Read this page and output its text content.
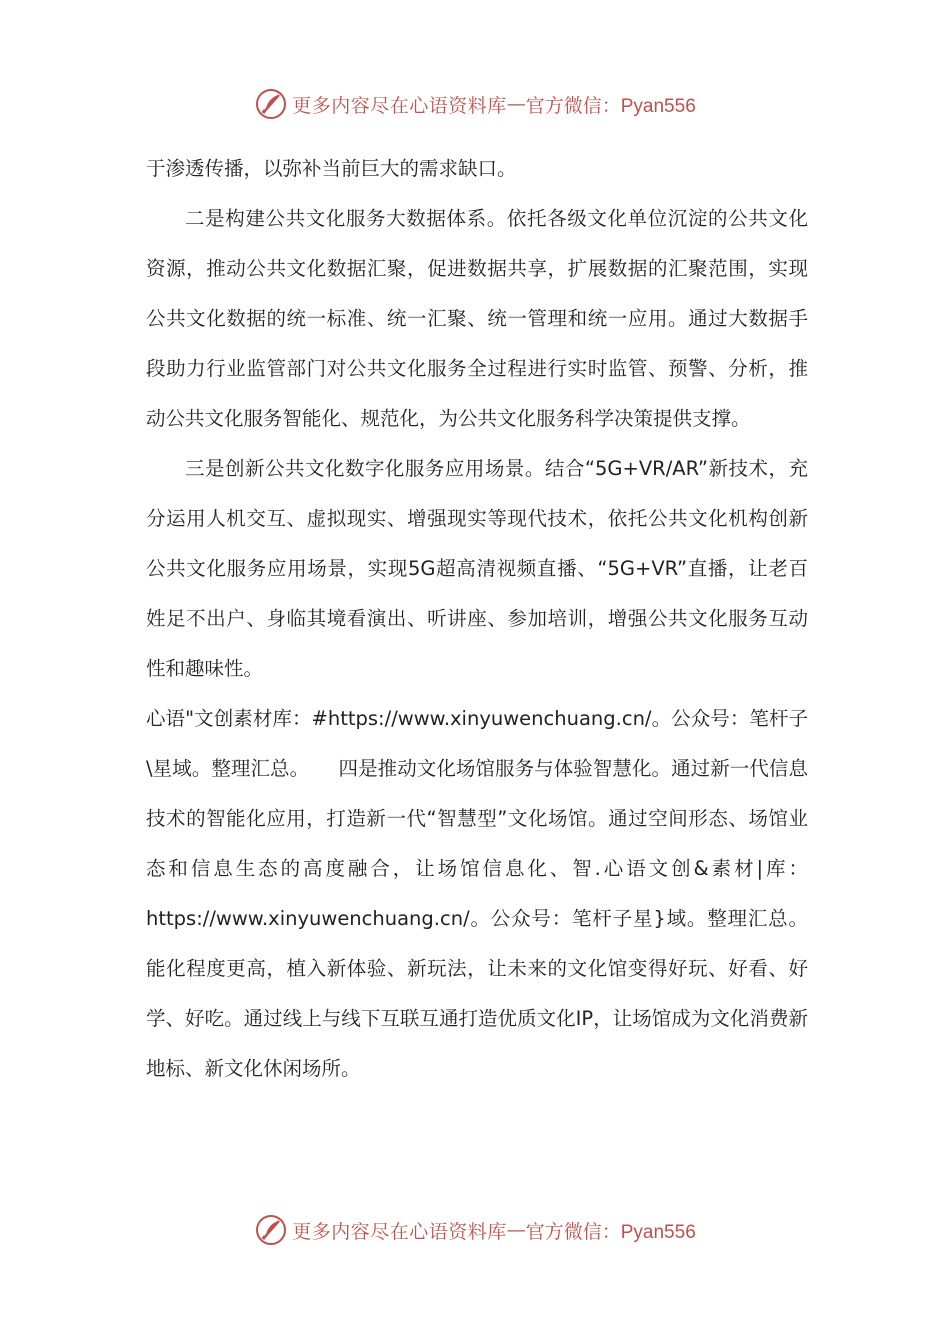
更多内容尽在心语资料库 — 官方微信：Pyan556

于渗透传播，以弥补当前巨大的需求缺口。

二是构建公共文化服务大数据体系。依托各级文化单位沉淀的公共文化资源，推动公共文化数据汇聚，促进数据共享，扩展数据的汇聚范围，实现公共文化数据的统一标准、统一汇聚、统一管理和统一应用。通过大数据手段助力行业监管部门对公共文化服务全过程进行实时监管、预警、分析，推动公共文化服务智能化、规范化，为公共文化服务科学决策提供支撑。

三是创新公共文化数字化服务应用场景。结合“5G+VR/AR”新技术，充分运用人机交互、虚拟现实、增强现实等现代技术，依托公共文化机构创新公共文化服务应用场景，实现5G超高清视频直播、“5G+VR”直播，让老百姓足不出户、身临其境看演出、听讲座、参加培训，增强公共文化服务互动性和趣味性。

心语"文创素材库：#https://www.xinyuwenchuang.cn/。公众号：笔杆子\星域。整理汇总。　　四是推动文化场馆服务与体验智慧化。通过新一代信息技术的智能化应用，打造新一代“智慧型”文化场馆。通过空间形态、场馆业态和信息生态的高度融合，让场馆信息化、智.心语文创&素材|库：https://www.xinyuwenchuang.cn/。公众号：笔杆子星}域。整理汇总。能化程度更高，植入新体验、新玩法，让未来的文化馆变得好玩、好看、好学、好吃。通过线上与线下互联互通打造优质文化IP，让场馆成为文化消费新地标、新文化休闲场所。

更多内容尽在心语资料库 — 官方微信：Pyan556
